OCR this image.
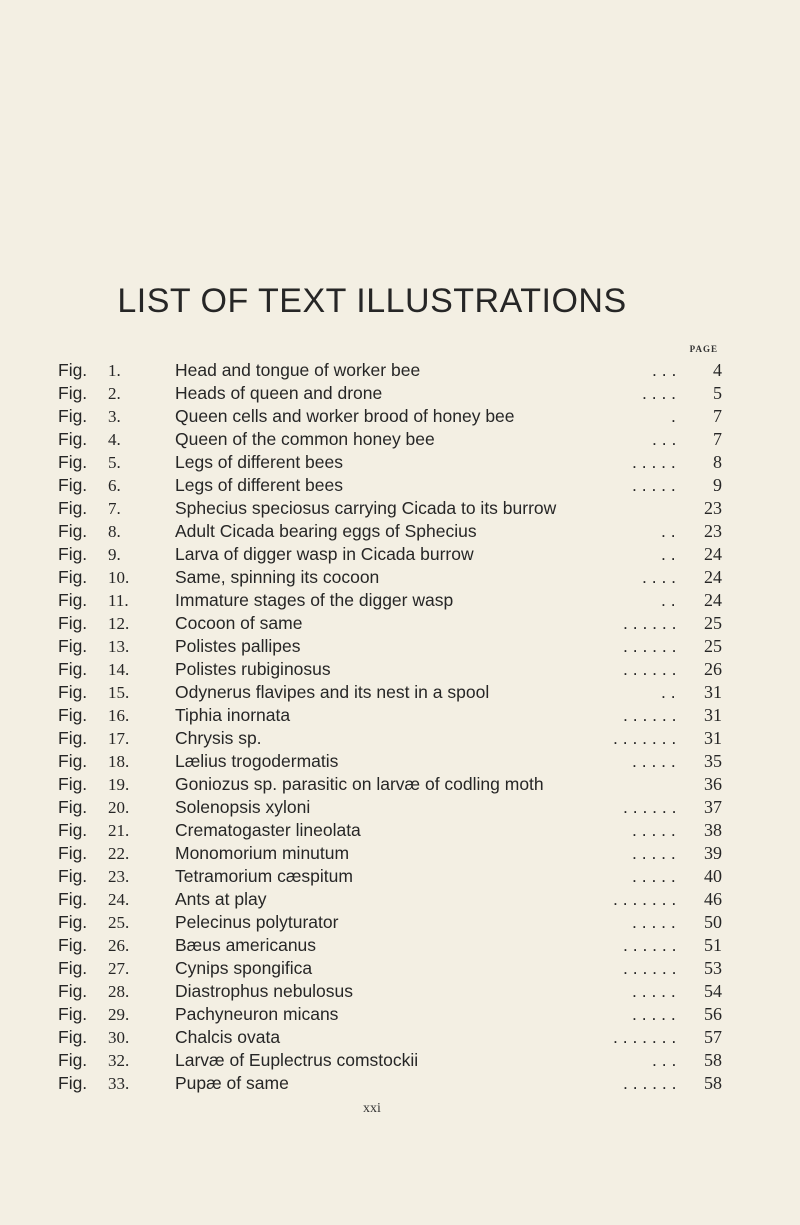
LIST OF TEXT ILLUSTRATIONS
PAGE
Fig. 1.	Head and tongue of worker bee	. . .	4
Fig. 2.	Heads of queen and drone	. . . .	5
Fig. 3.	Queen cells and worker brood of honey bee	.	7
Fig. 4.	Queen of the common honey bee	. . .	7
Fig. 5.	Legs of different bees	. . . . .	8
Fig. 6.	Legs of different bees	. . . . .	9
Fig. 7.	Sphecius speciosus carrying Cicada to its burrow	23
Fig. 8.	Adult Cicada bearing eggs of Sphecius	. .	23
Fig. 9.	Larva of digger wasp in Cicada burrow	. .	24
Fig. 10.	Same, spinning its cocoon	. . . .	24
Fig. 11.	Immature stages of the digger wasp	. .	24
Fig. 12.	Cocoon of same	. . . . . .	25
Fig. 13.	Polistes pallipes	. . . . . .	25
Fig. 14.	Polistes rubiginosus	. . . . . .	26
Fig. 15.	Odynerus flavipes and its nest in a spool	. .	31
Fig. 16.	Tiphia inornata	. . . . . .	31
Fig. 17.	Chrysis sp.	. . . . . . .	31
Fig. 18.	Lælius trogodermatis	. . . . .	35
Fig. 19.	Goniozus sp. parasitic on larvæ of codling moth	36
Fig. 20.	Solenopsis xyloni	. . . . . .	37
Fig. 21.	Crematogaster lineolata	. . . . .	38
Fig. 22.	Monomorium minutum	. . . . .	39
Fig. 23.	Tetramorium cæspitum	. . . . .	40
Fig. 24.	Ants at play	. . . . . . .	46
Fig. 25.	Pelecinus polyturator	. . . . .	50
Fig. 26.	Bæus americanus	. . . . . .	51
Fig. 27.	Cynips spongifica	. . . . . .	53
Fig. 28.	Diastrophus nebulosus	. . . . .	54
Fig. 29.	Pachyneuron micans	. . . . .	56
Fig. 30.	Chalcis ovata	. . . . . . .	57
Fig. 32.	Larvæ of Euplectrus comstockii	. . .	58
Fig. 33.	Pupæ of same	. . . . . .	58
xxi
